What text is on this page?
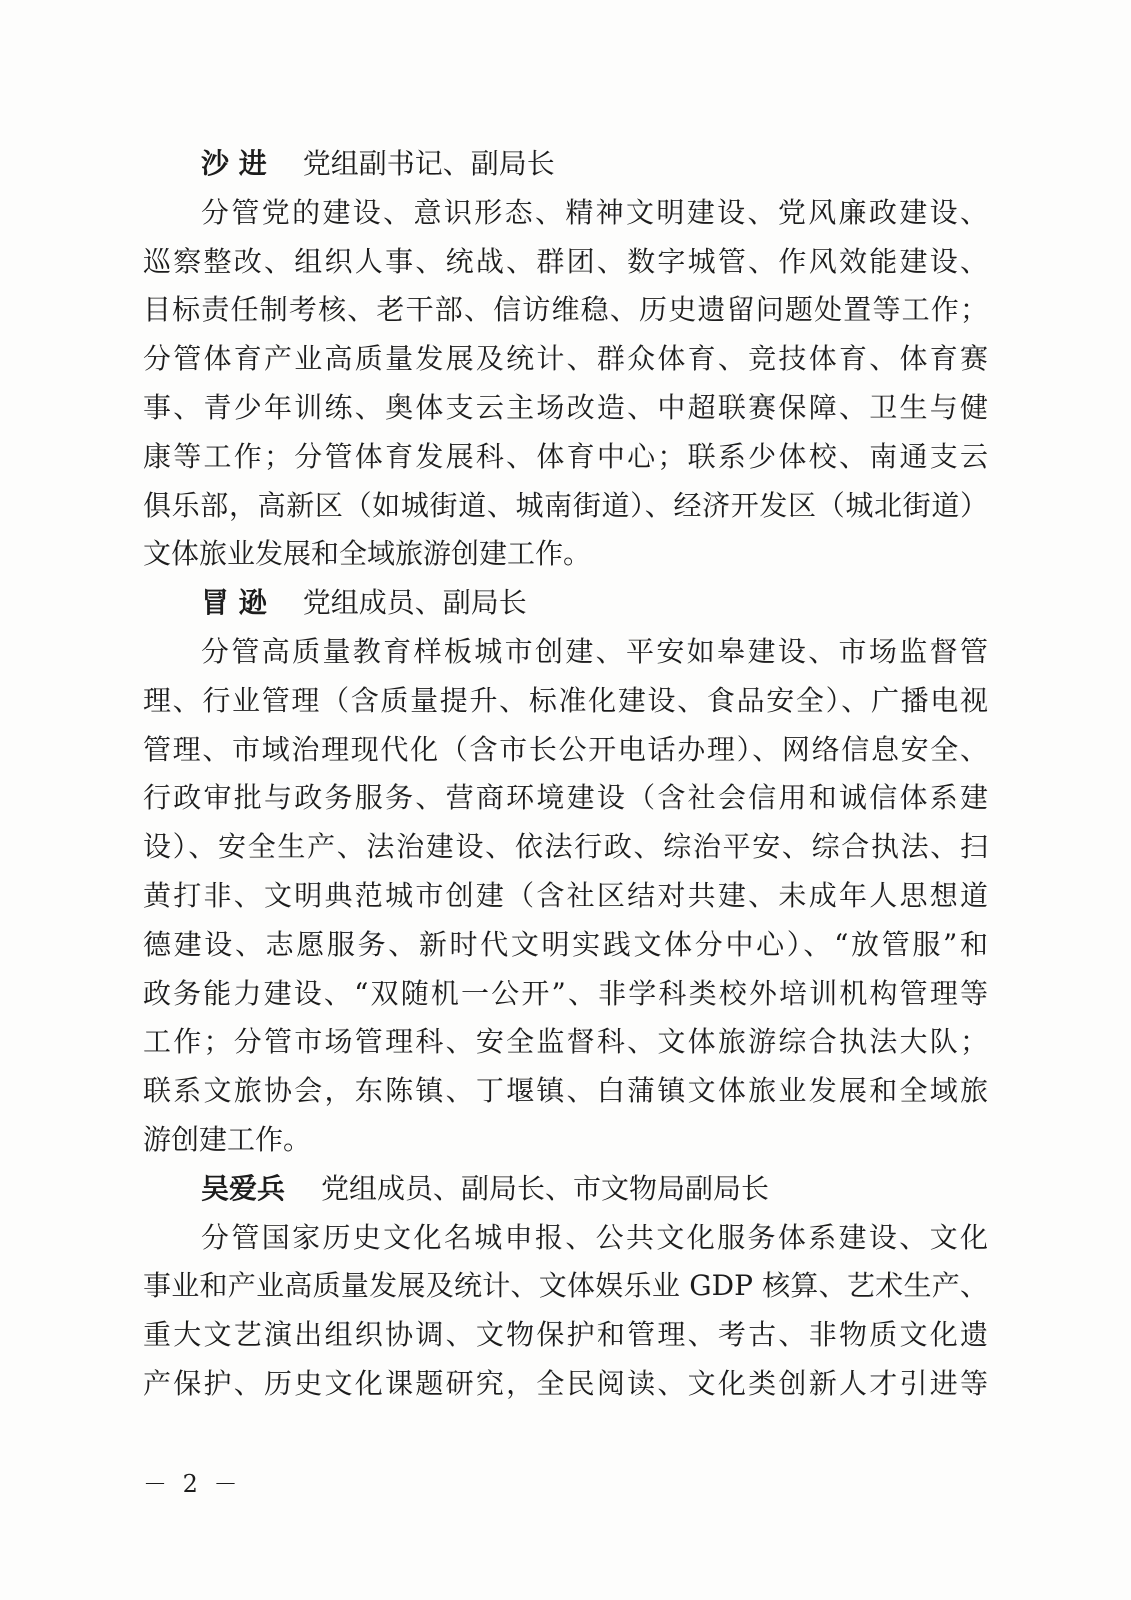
沙 进 党组副书记、副局长

分管党的建设、意识形态、精神文明建设、党风廉政建设、

巡察整改、组织人事、统战、群团、数字城管、作风效能建设、

目标责任制考核、老干部、信访维稳、历史遗留问题处置等工作；

分管体育产业高质量发展及统计、群众体育、竞技体育、体育赛

事、青少年训练、奥体支云主场改造、中超联赛保障、卫生与健

康等工作；分管体育发展科、体育中心；联系少体校、南通支云

俱乐部，高新区（如城街道、城南街道）、经济开发区（城北街道）

文体旅业发展和全域旅游创建工作。

冒 逊 党组成员、副局长

分管高质量教育样板城市创建、平安如皋建设、市场监督管

理、行业管理（含质量提升、标准化建设、食品安全）、广播电视

管理、市域治理现代化（含市长公开电话办理）、网络信息安全、

行政审批与政务服务、营商环境建设（含社会信用和诚信体系建

设）、安全生产、法治建设、依法行政、综治平安、综合执法、扫

黄打非、文明典范城市创建（含社区结对共建、未成年人思想道

德建设、志愿服务、新时代文明实践文体分中心）、“放管服”和

政务能力建设、“双随机一公开”、非学科类校外培训机构管理等

工作；分管市场管理科、安全监督科、文体旅游综合执法大队；

联系文旅协会，东陈镇、丁堰镇、白蒲镇文体旅业发展和全域旅

游创建工作。

吴爱兵 党组成员、副局长、市文物局副局长

分管国家历史文化名城申报、公共文化服务体系建设、文化

事业和产业高质量发展及统计、文体娱乐业 GDP 核算、艺术生产、

重大文艺演出组织协调、文物保护和管理、考古、非物质文化遗

产保护、历史文化课题研究，全民阅读、文化类创新人才引进等

－ 2 －
